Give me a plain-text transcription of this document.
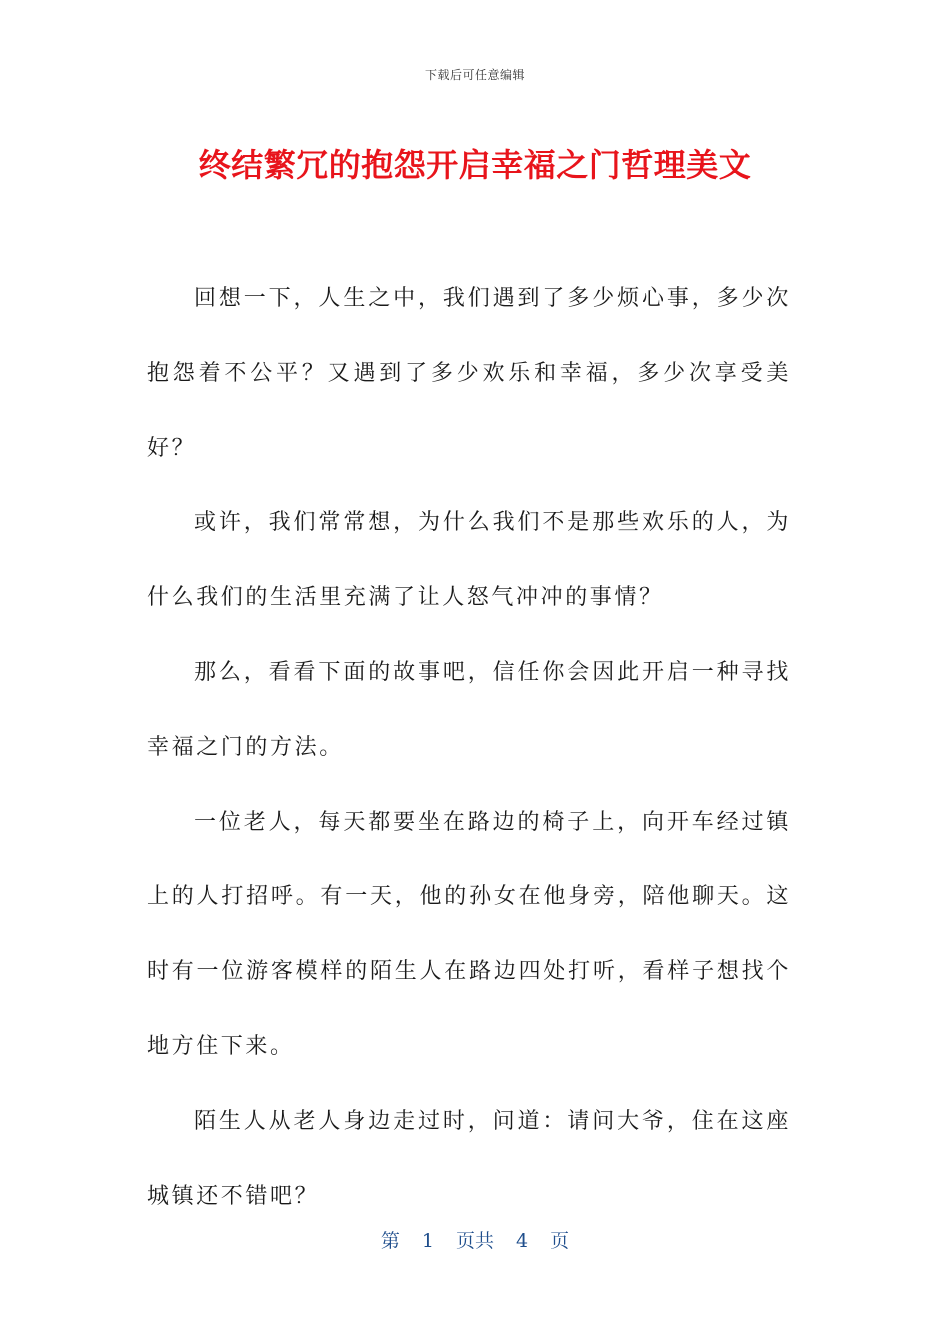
下载后可任意编辑
终结繁冗的抱怨开启幸福之门哲理美文

回想一下，人生之中，我们遇到了多少烦心事，多少次抱怨着不公平？又遇到了多少欢乐和幸福，多少次享受美好？

或许，我们常常想，为什么我们不是那些欢乐的人，为什么我们的生活里充满了让人怒气冲冲的事情？

那么，看看下面的故事吧，信任你会因此开启一种寻找幸福之门的方法。

一位老人，每天都要坐在路边的椅子上，向开车经过镇上的人打招呼。有一天，他的孙女在他身旁，陪他聊天。这时有一位游客模样的陌生人在路边四处打听，看样子想找个地方住下来。

陌生人从老人身边走过时，问道：请问大爷，住在这座城镇还不错吧？

第 1 页共 4 页
